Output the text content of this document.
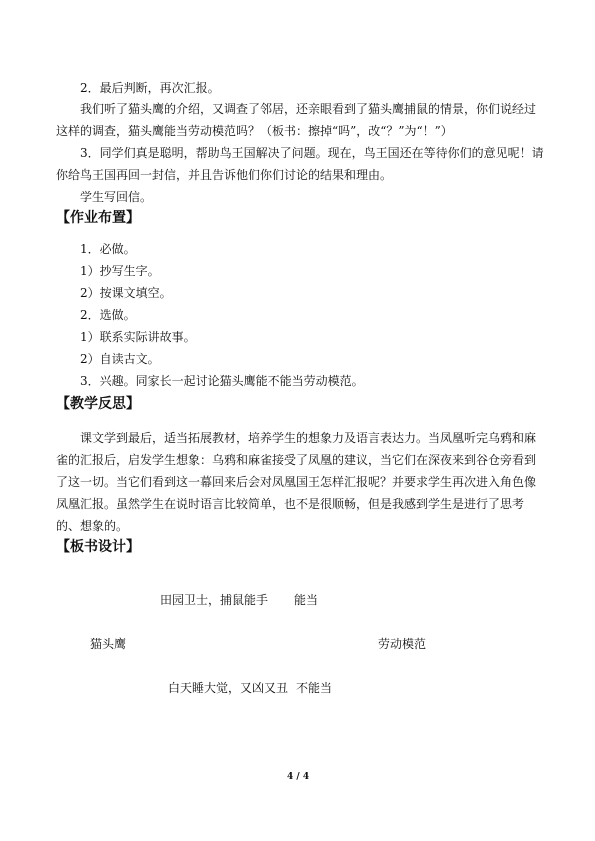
2．最后判断，再次汇报。
我们听了猫头鹰的介绍，又调查了邻居，还亲眼看到了猫头鹰捕鼠的情景，你们说经过
这样的调查，猫头鹰能当劳动模范吗？（板书：擦掉“吗”，改“？”为“！”）
3．同学们真是聪明，帮助鸟王国解决了问题。现在，鸟王国还在等待你们的意见呢！请
你给鸟王国再回一封信，并且告诉他们你们讨论的结果和理由。
学生写回信。
【作业布置】
1．必做。
1）抄写生字。
2）按课文填空。
2．选做。
1）联系实际讲故事。
2）自读古文。
3．兴趣。同家长一起讨论猫头鹰能不能当劳动模范。
【教学反思】
课文学到最后，适当拓展教材，培养学生的想象力及语言表达力。当凤凰听完乌鸦和麻
雀的汇报后，启发学生想象：乌鸦和麻雀接受了凤凰的建议，当它们在深夜来到谷仓旁看到
了这一切。当它们看到这一幕回来后会对凤凰国王怎样汇报呢？并要求学生再次进入角色像
凤凰汇报。虽然学生在说时语言比较简单，也不是很顺畅，但是我感到学生是进行了思考
的、想象的。
【板书设计】
田园卫士，捕鼠能手 能当
猫头鹰	劳动模范
白天睡大觉，又凶又丑 不能当
4 / 4
